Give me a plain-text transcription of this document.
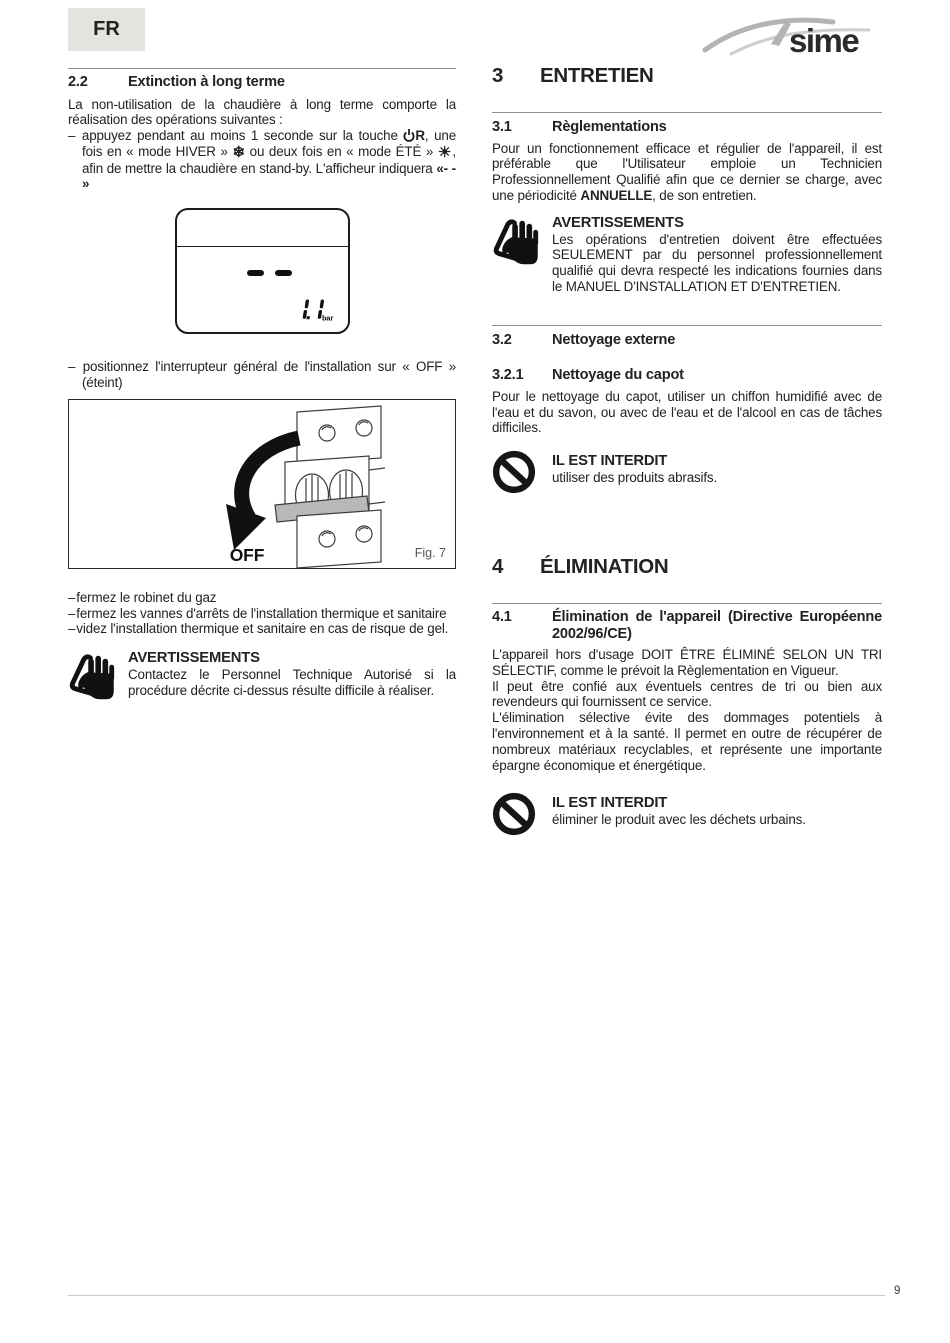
FR	sime
2.2	Extinction à long terme
La non-utilisation de la chaudière à long terme comporte la réalisation des opérations suivantes :
–  appuyez pendant au moins 1 seconde sur la touche R, une fois en « mode HIVER » ❄ ou deux fois en « mode ÉTÉ » ☀, afin de mettre la chaudière en stand-by. L'afficheur indiquera «- - »
bar
–  positionnez l'interrupteur général de l'installation sur « OFF » (éteint)
OFF	Fig. 7
– fermez le robinet du gaz
– fermez les vannes d'arrêts de l'installation thermique et sanitaire
– videz l'installation thermique et sanitaire en cas de risque de gel.
AVERTISSEMENTS
Contactez le Personnel Technique Autorisé si la procédure décrite ci-dessus résulte difficile à réaliser.
3	ENTRETIEN
3.1	Règlementations
Pour un fonctionnement efficace et régulier de l'appareil, il est préférable que l'Utilisateur emploie un Technicien Professionnellement Qualifié afin que ce dernier se charge, avec une périodicité ANNUELLE, de son entretien.
AVERTISSEMENTS
Les opérations d'entretien doivent être effectuées SEULEMENT par du personnel professionnellement qualifié qui devra respecté les indications fournies dans le MANUEL D'INSTALLATION ET D'ENTRETIEN.
3.2	Nettoyage externe
3.2.1	Nettoyage du capot
Pour le nettoyage du capot, utiliser un chiffon humidifié avec de l'eau et du savon, ou avec de l'eau et de l'alcool en cas de tâches difficiles.
IL EST INTERDIT
utiliser des produits abrasifs.
4	ÉLIMINATION
4.1	Élimination de l'appareil (Directive Européenne 2002/96/CE)
L'appareil hors d'usage DOIT ÊTRE ÉLIMINÉ SELON UN TRI SÉLECTIF, comme le prévoit la Règlementation en Vigueur.
Il peut être confié aux éventuels centres de tri ou bien aux revendeurs qui fournissent ce service.
L'élimination sélective évite des dommages potentiels à l'environnement et à la santé. Il permet en outre de récupérer de nombreux matériaux recyclables, et représente une importante épargne économique et énergétique.
IL EST INTERDIT
éliminer le produit avec les déchets urbains.
9
